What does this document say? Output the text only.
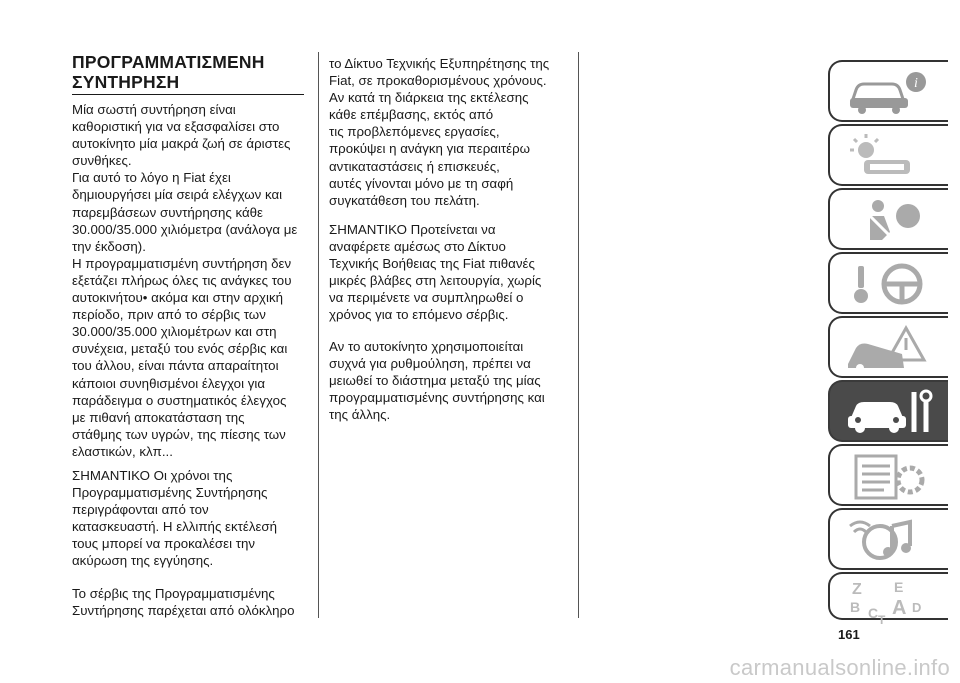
ΠΡΟΓΡΑΜΜΑΤΙΣΜΕΝΗ
ΣΥΝΤΗΡΗΣΗ
Μία σωστή συντήρηση είναι
καθοριστική για να εξασφαλίσει στο
αυτοκίνητο μία μακρά ζωή σε άριστες
συνθήκες.
Για αυτό το λόγο η Fiat έχει
δημιουργήσει μία σειρά ελέγχων και
παρεμβάσεων συντήρησης κάθε
30.000/35.000 χιλιόμετρα (ανάλογα με
την έκδοση).
Η προγραμματισμένη συντήρηση δεν
εξετάζει πλήρως όλες τις ανάγκες του
αυτοκινήτου• ακόμα και στην αρχική
περίοδο, πριν από το σέρβις των
30.000/35.000 χιλιομέτρων και στη
συνέχεια, μεταξύ του ενός σέρβις και
του άλλου, είναι πάντα απαραίτητοι
κάποιοι συνηθισμένοι έλεγχοι για
παράδειγμα ο συστηματικός έλεγχος
με πιθανή αποκατάσταση της
στάθμης των υγρών, της πίεσης των
ελαστικών, κλπ...
ΣΗΜΑΝΤΙΚΟ Οι χρόνοι της
Προγραμματισμένης Συντήρησης
περιγράφονται από τον
κατασκευαστή. Η ελλιπής εκτέλεσή
τους μπορεί να προκαλέσει την
ακύρωση της εγγύησης.
Το σέρβις της Προγραμματισμένης
Συντήρησης παρέχεται από ολόκληρο
το Δίκτυο Τεχνικής Εξυπηρέτησης της
Fiat, σε προκαθορισμένους χρόνους.
Αν κατά τη διάρκεια της εκτέλεσης
κάθε επέμβασης, εκτός από
τις προβλεπόμενες εργασίες,
προκύψει η ανάγκη για περαιτέρω
αντικαταστάσεις ή επισκευές,
αυτές γίνονται μόνο με τη σαφή
συγκατάθεση του πελάτη.
ΣΗΜΑΝΤΙΚΟ Προτείνεται να
αναφέρετε αμέσως στο Δίκτυο
Τεχνικής Βοήθειας της Fiat πιθανές
μικρές βλάβες στη λειτουργία, χωρίς
να περιμένετε να συμπληρωθεί ο
χρόνος για το επόμενο σέρβις.
Αν το αυτοκίνητο χρησιμοποιείται
συχνά για ρυθμούληση, πρέπει να
μειωθεί το διάστημα μεταξύ της μίας
προγραμματισμένης συντήρησης και
της άλλης.
i
Z E
B A
C	D
T
161
carmanualsonline.info
